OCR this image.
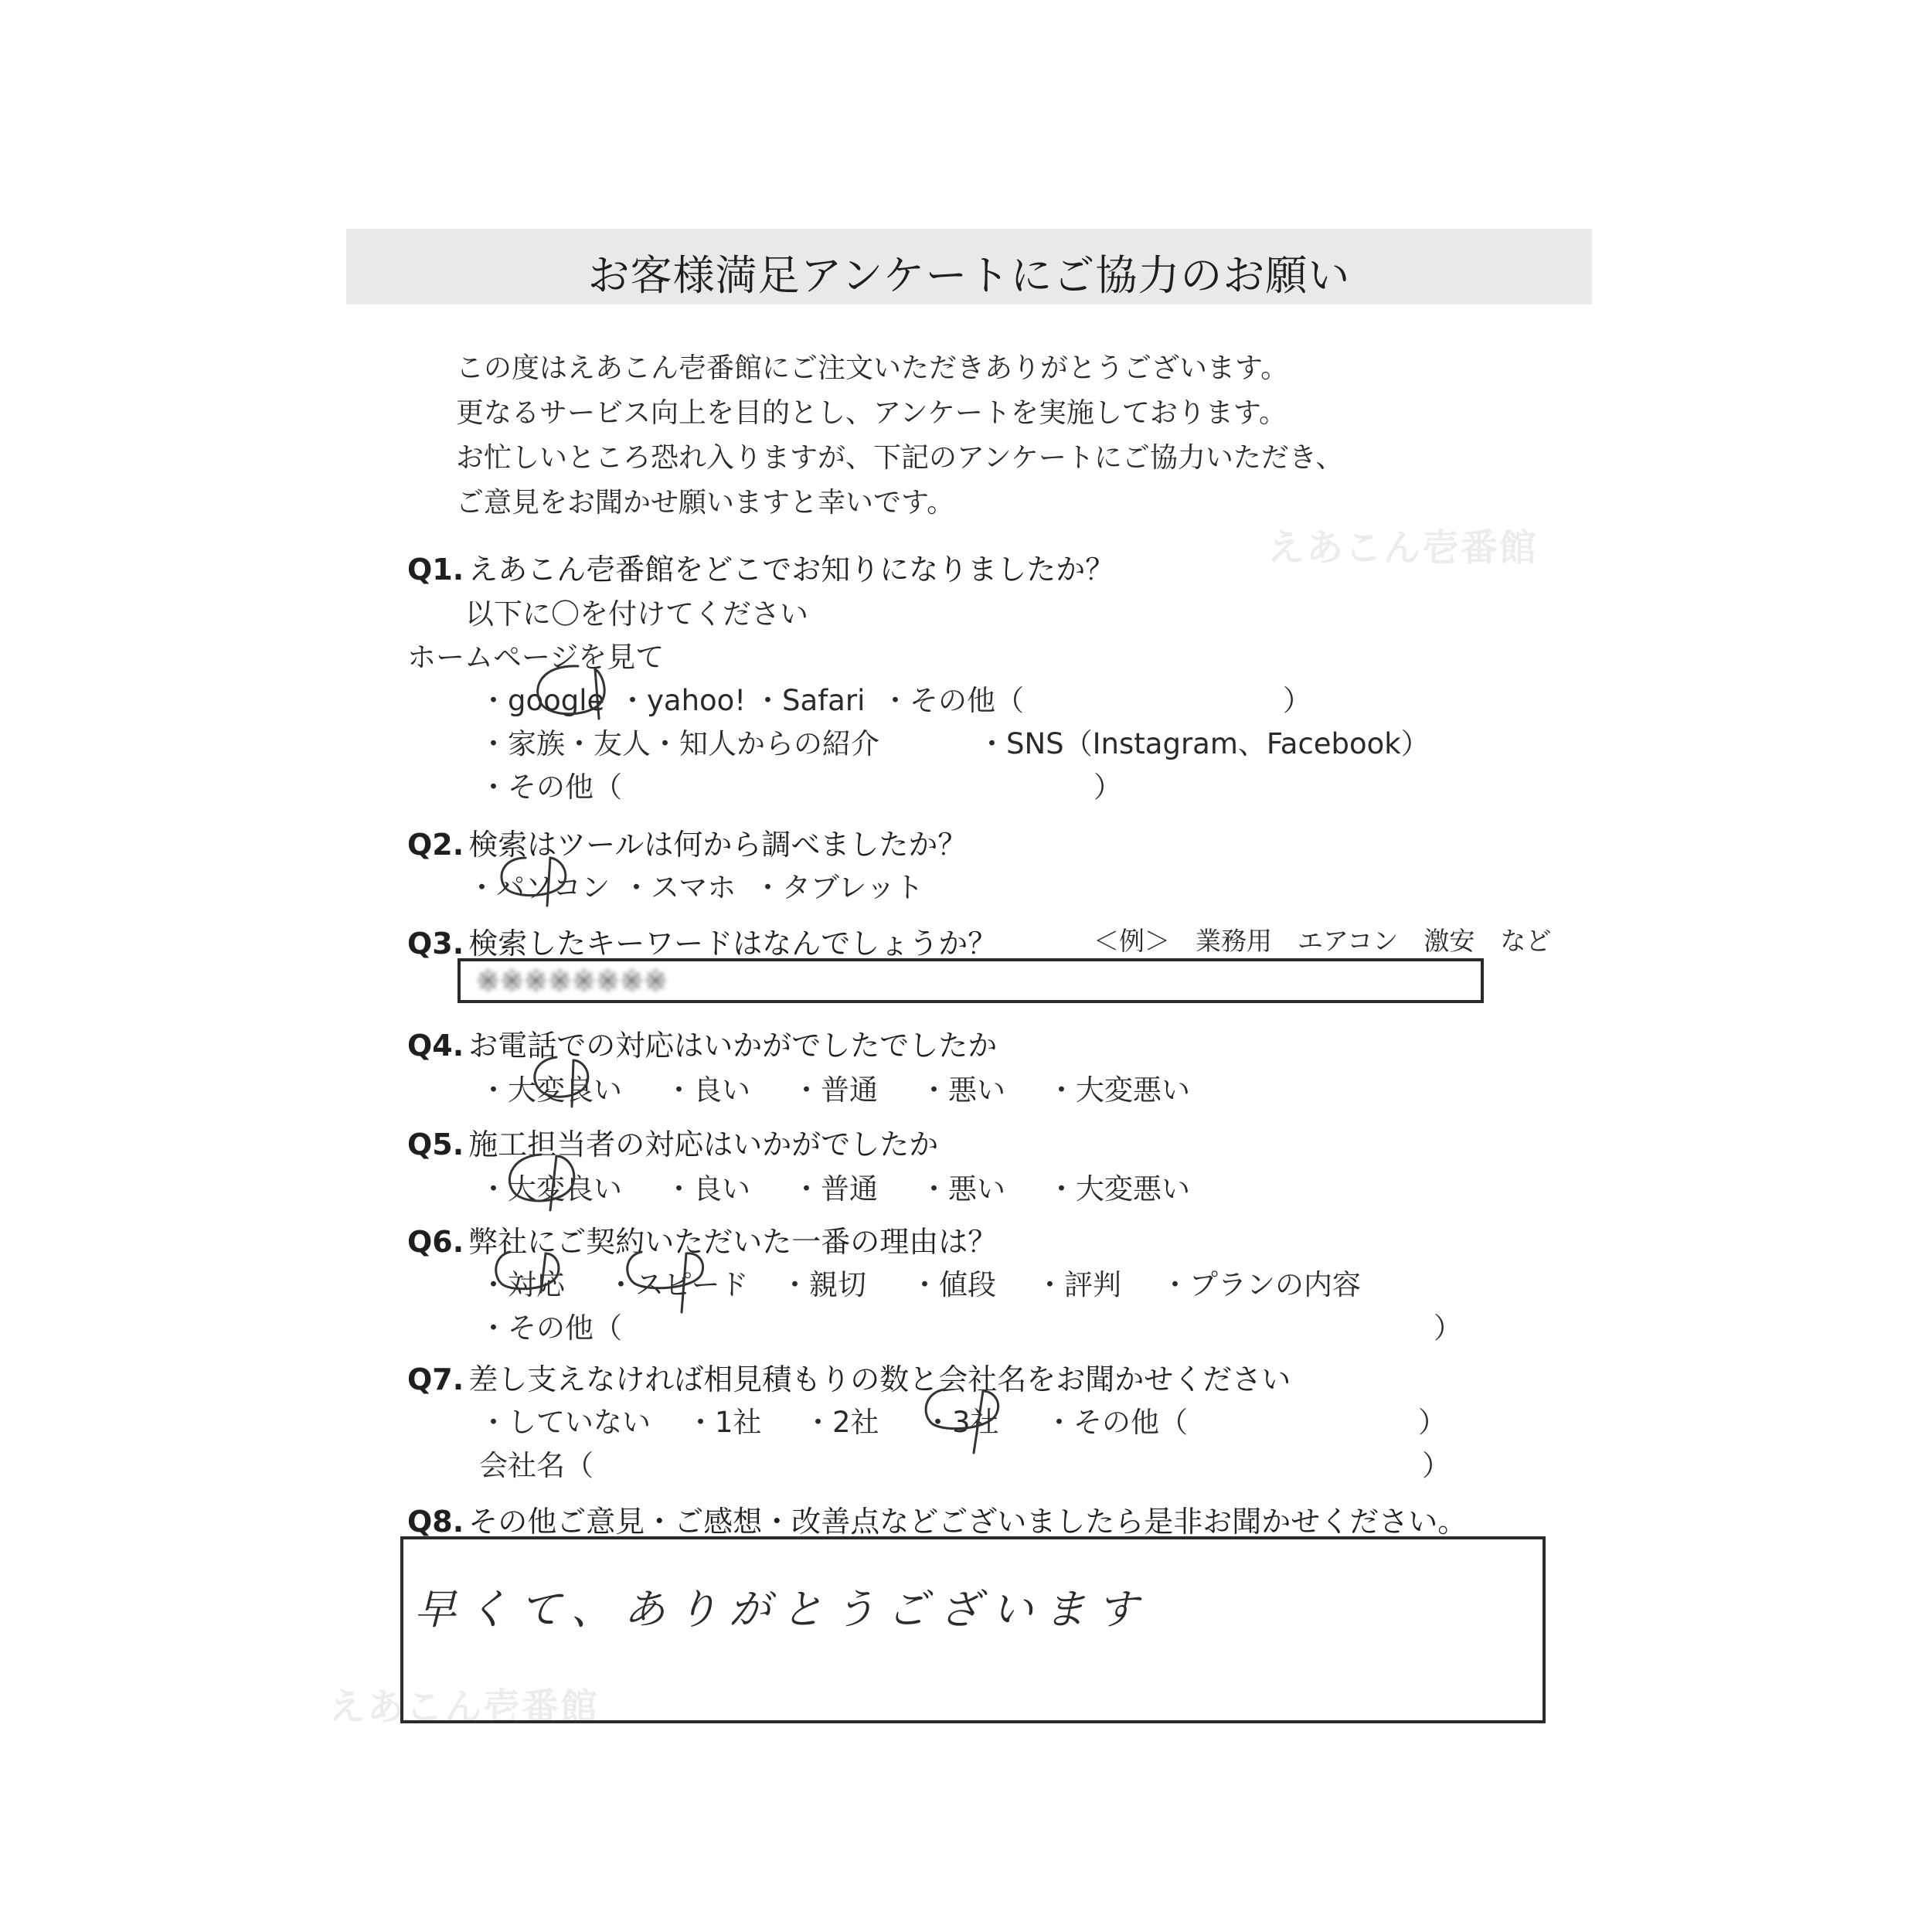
えあこん壱番館
えあこん壱番館
お客様満足アンケートにご協力のお願い
この度はえあこん壱番館にご注文いただきありがとうございます。
更なるサービス向上を目的とし、アンケートを実施しております。
お忙しいところ恐れ入りますが、下記のアンケートにご協力いただき、
ご意見をお聞かせ願いますと幸いです。
Q1. えあこん壱番館をどこでお知りになりましたか？
以下に〇を付けてください
ホームページを見て
・google ・yahoo! ・Safari ・その他（	）
・家族・友人・知人からの紹介	・SNS（Instagram、Facebook）
・その他（	）
Q2. 検索はツールは何から調べましたか？
・パソコン ・スマホ ・タブレット
Q3. 検索したキーワードはなんでしょうか？	＜例＞　業務用　エアコン　激安　など
※※※※※※※※
Q4. お電話での対応はいかがでしたでしたか
・大変良い ・良い ・普通 ・悪い ・大変悪い
Q5. 施工担当者の対応はいかがでしたか
・大変良い ・良い ・普通 ・悪い ・大変悪い
Q6. 弊社にご契約いただいた一番の理由は？
・対応 ・スピード ・親切 ・値段 ・評判 ・プランの内容
・その他（	）
Q7. 差し支えなければ相見積もりの数と会社名をお聞かせください
・していない ・1社 ・2社 ・3社 ・その他（	）
会社名（	）
Q8. その他ご意見・ご感想・改善点などございましたら是非お聞かせください。
早くて、ありがとうございます
